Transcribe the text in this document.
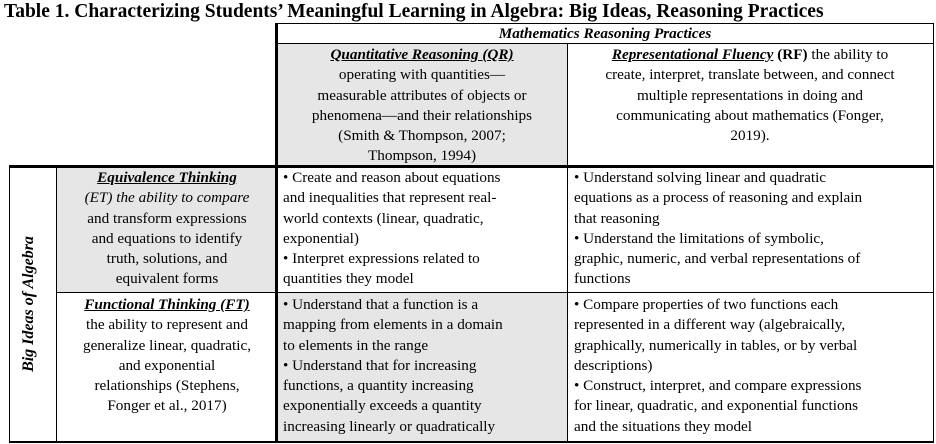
Table 1. Characterizing Students’ Meaningful Learning in Algebra: Big Ideas, Reasoning Practices
Mathematics Reasoning Practices
Quantitative Reasoning (QR)
operating with quantities—
measurable attributes of objects or
phenomena—and their relationships
(Smith & Thompson, 2007;
Thompson, 1994)
Representational Fluency (RF) the ability to
create, interpret, translate between, and connect
multiple representations in doing and
communicating about mathematics (Fonger,
2019).
Big Ideas of Algebra
Equivalence Thinking
(ET) the ability to compare
and transform expressions
and equations to identify
truth, solutions, and
equivalent forms
• Create and reason about equations
and inequalities that represent real-
world contexts (linear, quadratic,
exponential)
• Interpret expressions related to
quantities they model
• Understand solving linear and quadratic
equations as a process of reasoning and explain
that reasoning
• Understand the limitations of symbolic,
graphic, numeric, and verbal representations of
functions
Functional Thinking (FT)
the ability to represent and
generalize linear, quadratic,
and exponential
relationships (Stephens,
Fonger et al., 2017)
• Understand that a function is a
mapping from elements in a domain
to elements in the range
• Understand that for increasing
functions, a quantity increasing
exponentially exceeds a quantity
increasing linearly or quadratically
• Compare properties of two functions each
represented in a different way (algebraically,
graphically, numerically in tables, or by verbal
descriptions)
• Construct, interpret, and compare expressions
for linear, quadratic, and exponential functions
and the situations they model
